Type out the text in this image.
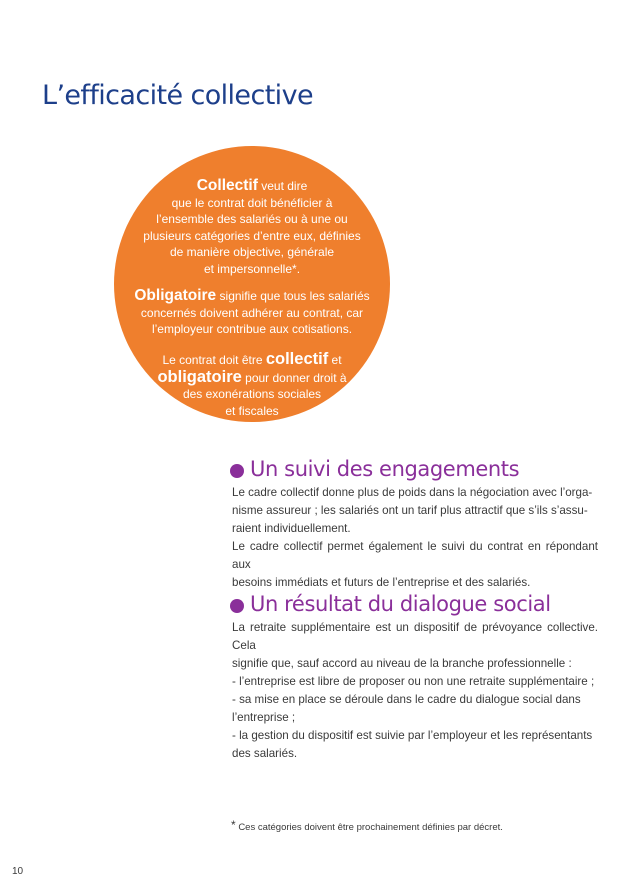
L’efficacité collective
Collectif veut dire
que le contrat doit bénéficier à
l’ensemble des salariés ou à une ou
plusieurs catégories d’entre eux, définies
de manière objective, générale
et impersonnelle*.
Obligatoire signifie que tous les salariés
concernés doivent adhérer au contrat, car
l’employeur contribue aux cotisations.
Le contrat doit être collectif et
obligatoire pour donner droit à
des exonérations sociales
et fiscales
Un suivi des engagements

Le cadre collectif donne plus de poids dans la négociation avec l’orga-
nisme assureur ; les salariés ont un tarif plus attractif que s’ils s’assu-
raient individuellement.
Le cadre collectif permet également le suivi du contrat en répondant aux
besoins immédiats et futurs de l’entreprise et des salariés.

Un résultat du dialogue social

La retraite supplémentaire est un dispositif de prévoyance collective. Cela
signifie que, sauf accord au niveau de la branche professionnelle :
- l’entreprise est libre de proposer ou non une retraite supplémentaire ;
- sa mise en place se déroule dans le cadre du dialogue social dans
l’entreprise ;
- la gestion du dispositif est suivie par l’employeur et les représentants
des salariés.

* Ces catégories doivent être prochainement définies par décret.
10
